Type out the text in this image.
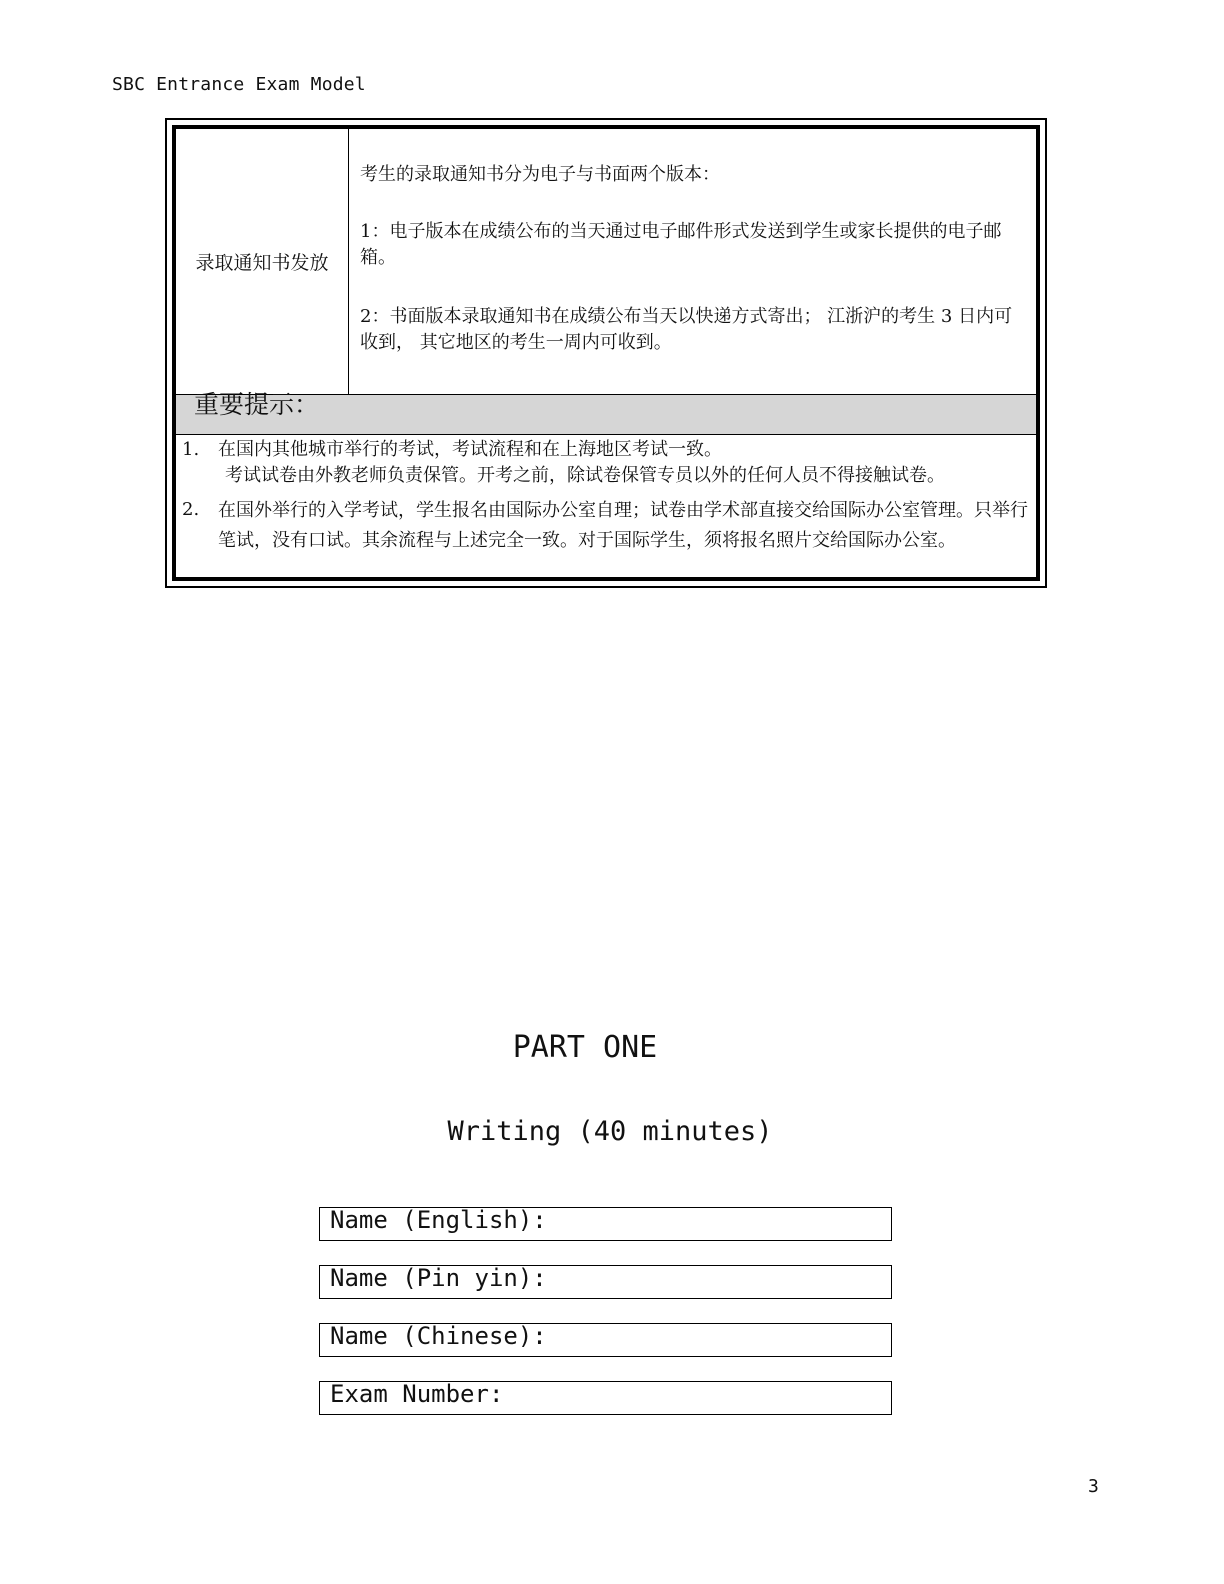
SBC Entrance Exam Model
录取通知书发放

考生的录取通知书分为电子与书面两个版本：

1：电子版本在成绩公布的当天通过电子邮件形式发送到学生或家长提供的电子邮箱。

2：书面版本录取通知书在成绩公布当天以快递方式寄出； 江浙沪的考生 3 日内可收到， 其它地区的考生一周内可收到。

重要提示：
1.	在国内其他城市举行的考试，考试流程和在上海地区考试一致。
考试试卷由外教老师负责保管。开考之前，除试卷保管专员以外的任何人员不得接触试卷。
2.	在国外举行的入学考试，学生报名由国际办公室自理；试卷由学术部直接交给国际办公室管理。只举行笔试，没有口试。其余流程与上述完全一致。对于国际学生，须将报名照片交给国际办公室。
PART ONE
Writing (40 minutes)
Name (English):
Name (Pin yin):
Name (Chinese):
Exam Number:
3
